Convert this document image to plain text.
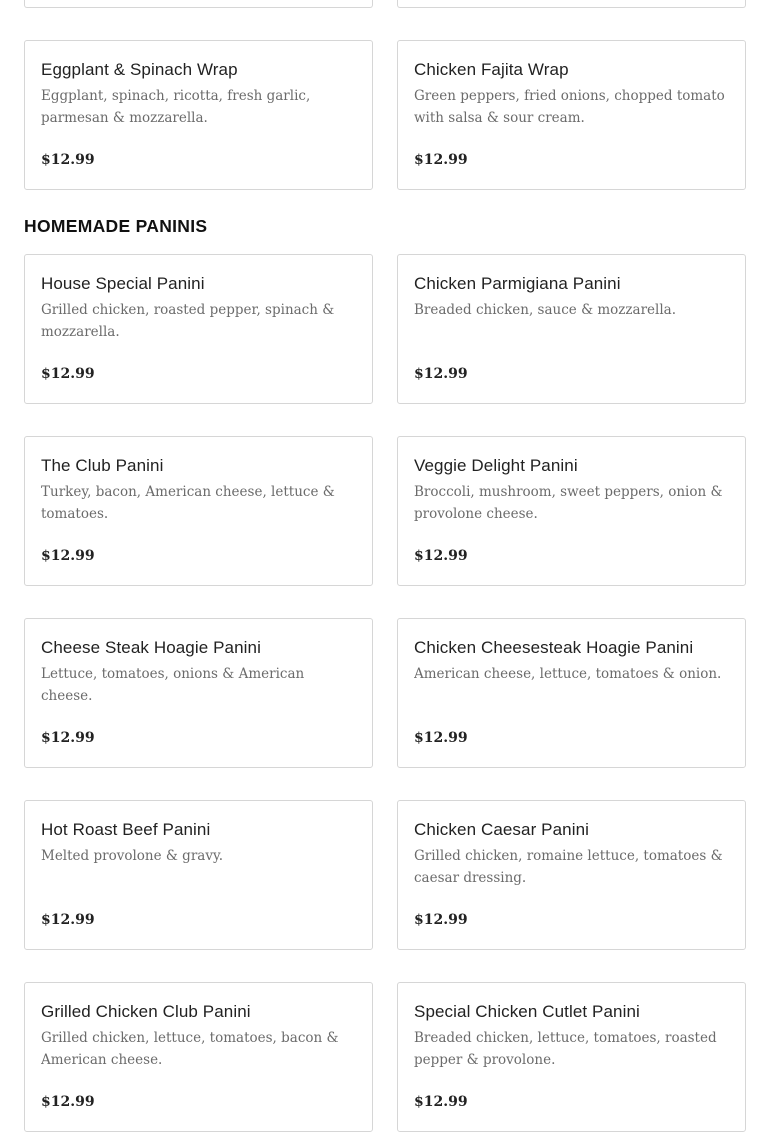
Eggplant & Spinach Wrap
Eggplant, spinach, ricotta, fresh garlic, parmesan & mozzarella.
$12.99
Chicken Fajita Wrap
Green peppers, fried onions, chopped tomato with salsa & sour cream.
$12.99
HOMEMADE PANINIS
House Special Panini
Grilled chicken, roasted pepper, spinach & mozzarella.
$12.99
Chicken Parmigiana Panini
Breaded chicken, sauce & mozzarella.
$12.99
The Club Panini
Turkey, bacon, American cheese, lettuce & tomatoes.
$12.99
Veggie Delight Panini
Broccoli, mushroom, sweet peppers, onion & provolone cheese.
$12.99
Cheese Steak Hoagie Panini
Lettuce, tomatoes, onions & American cheese.
$12.99
Chicken Cheesesteak Hoagie Panini
American cheese, lettuce, tomatoes & onion.
$12.99
Hot Roast Beef Panini
Melted provolone & gravy.
$12.99
Chicken Caesar Panini
Grilled chicken, romaine lettuce, tomatoes & caesar dressing.
$12.99
Grilled Chicken Club Panini
Grilled chicken, lettuce, tomatoes, bacon & American cheese.
$12.99
Special Chicken Cutlet Panini
Breaded chicken, lettuce, tomatoes, roasted pepper & provolone.
$12.99
